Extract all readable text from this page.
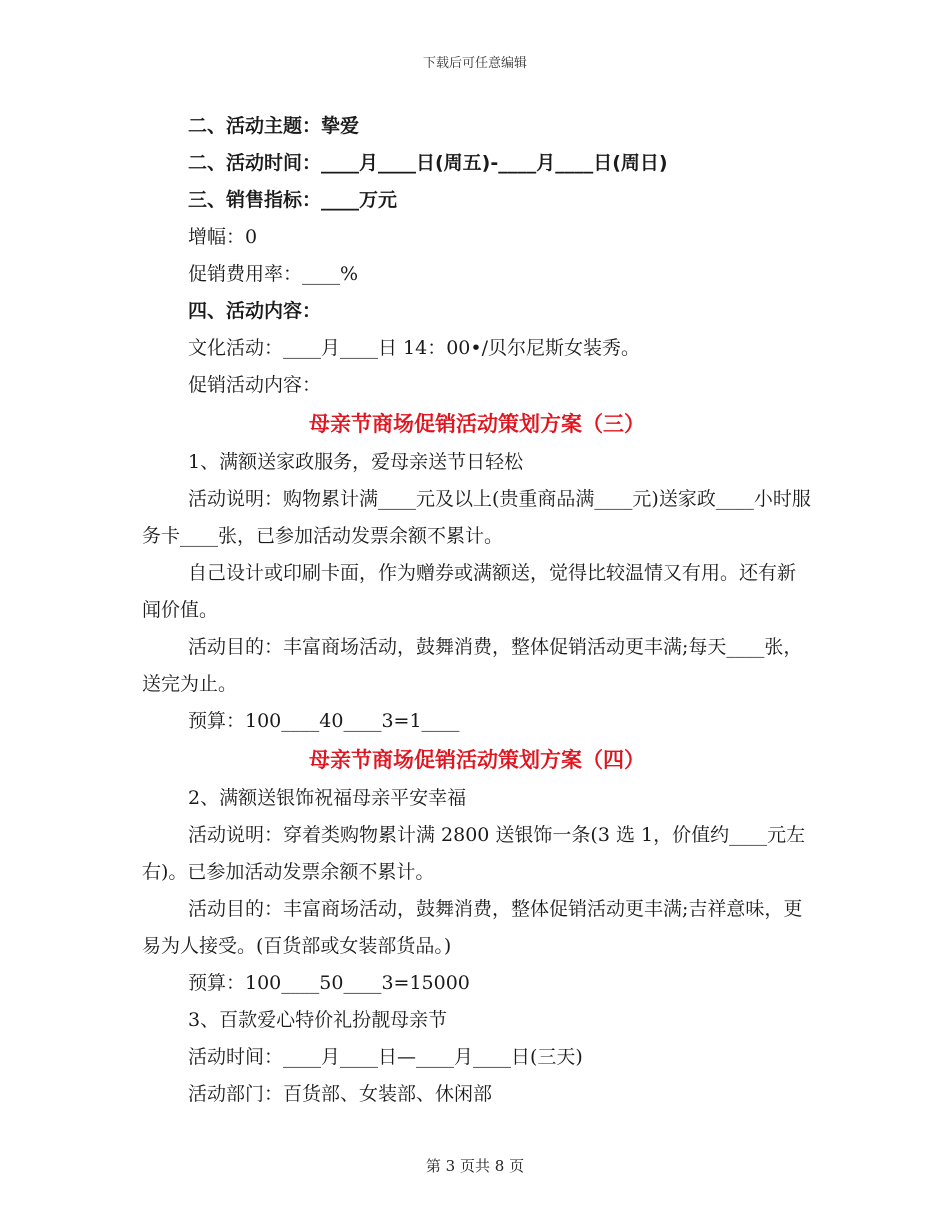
下载后可任意编辑

二、活动主题：挚爱

二、活动时间：____月____日(周五)-____月____日(周日)

三、销售指标：____万元

增幅：0

促销费用率：____%

四、活动内容：

文化活动：____月____日 14：00•/贝尔尼斯女装秀。

促销活动内容：

母亲节商场促销活动策划方案（三）

1、满额送家政服务，爱母亲送节日轻松

活动说明：购物累计满____元及以上(贵重商品满____元)送家政____小时服务卡____张，已参加活动发票余额不累计。

自己设计或印刷卡面，作为赠券或满额送，觉得比较温情又有用。还有新闻价值。

活动目的：丰富商场活动，鼓舞消费，整体促销活动更丰满;每天____张，送完为止。

预算：100____40____3=1____

母亲节商场促销活动策划方案（四）

2、满额送银饰祝福母亲平安幸福

活动说明：穿着类购物累计满 2800 送银饰一条(3 选 1，价值约____元左右)。已参加活动发票余额不累计。

活动目的：丰富商场活动，鼓舞消费，整体促销活动更丰满;吉祥意味，更易为人接受。(百货部或女装部货品。)

预算：100____50____3=15000

3、百款爱心特价礼扮靓母亲节

活动时间：____月____日—____月____日(三天)

活动部门：百货部、女装部、休闲部

第 3 页共 8 页
